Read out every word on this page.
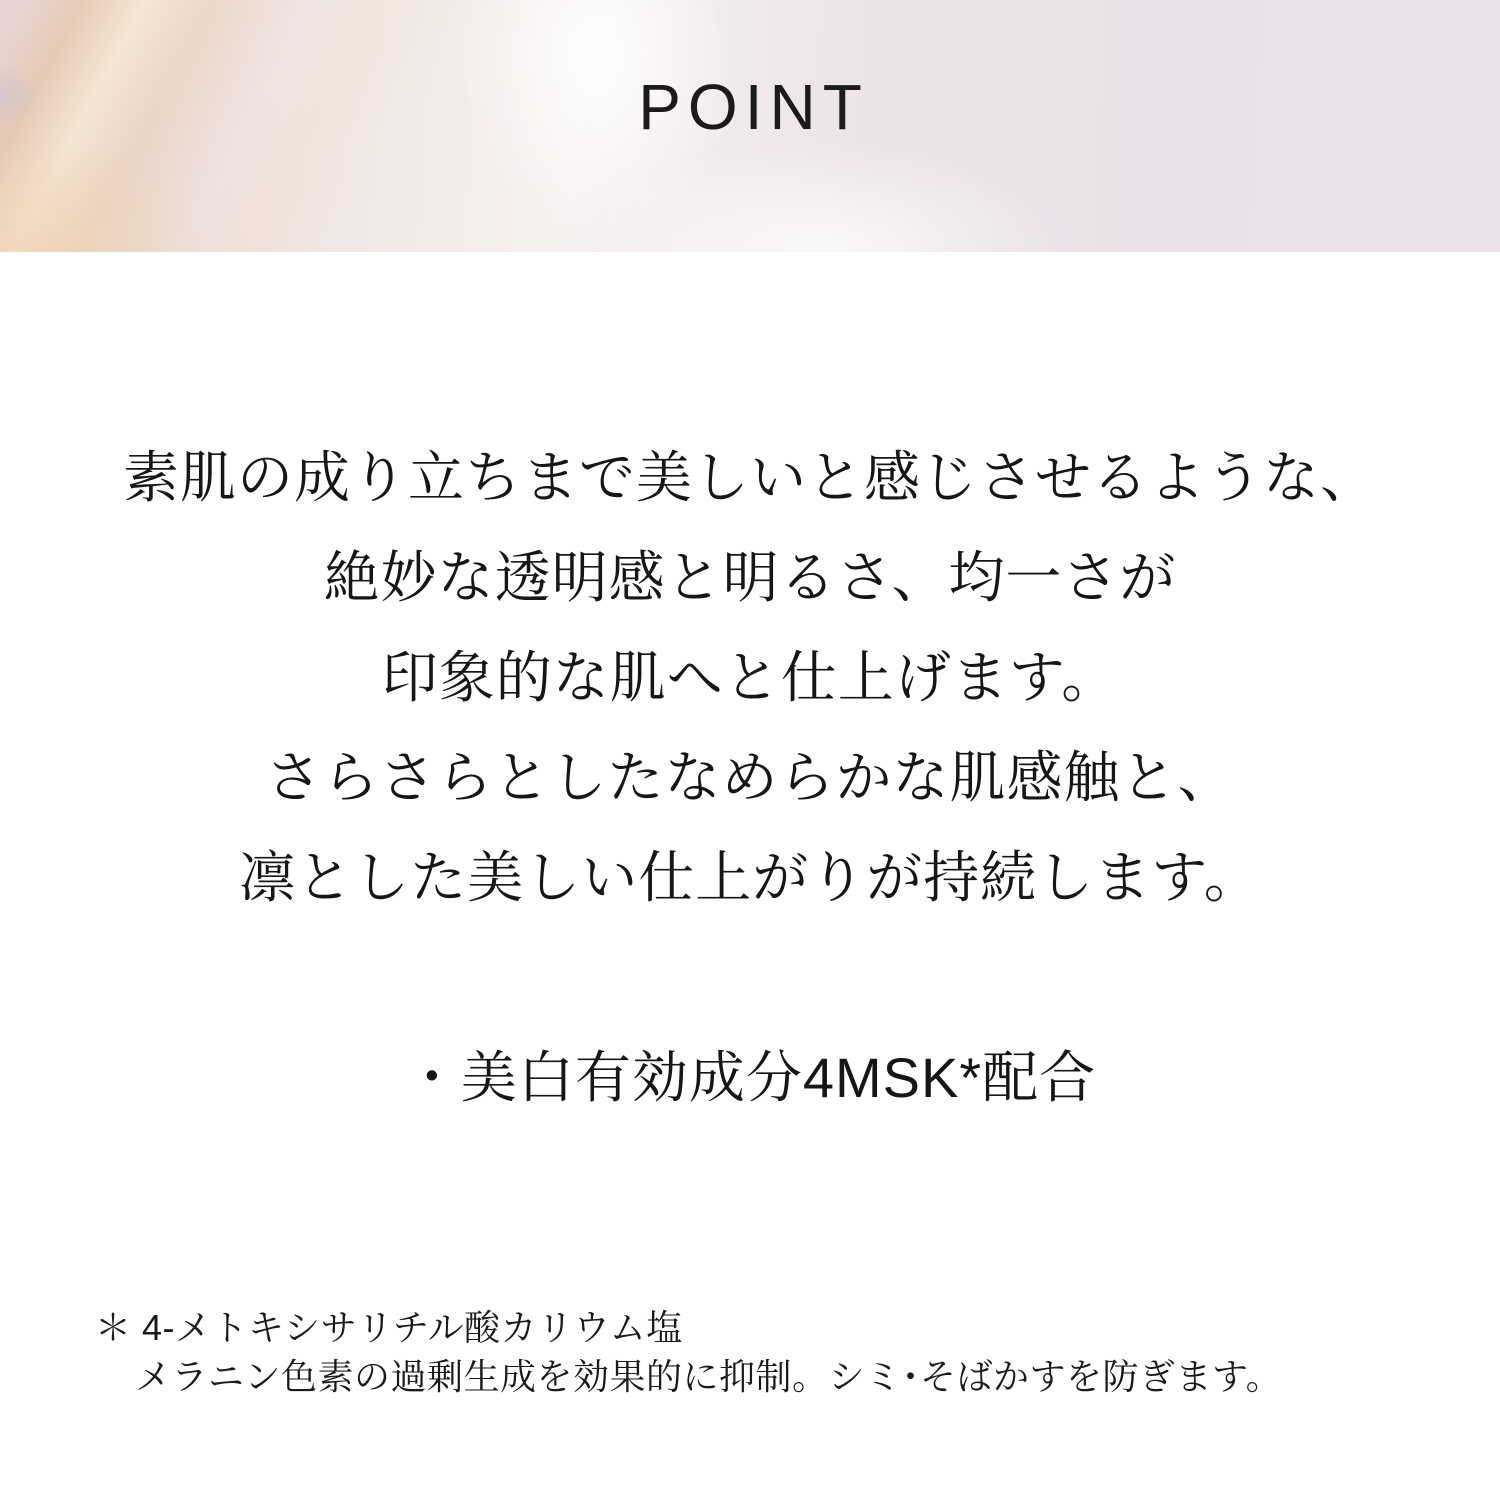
POINT
素肌の成り立ちまで美しいと感じさせるような、
絶妙な透明感と明るさ、均一さが
印象的な肌へと仕上げます。
さらさらとしたなめらかな肌感触と、
凛とした美しい仕上がりが持続します。
・美白有効成分4MSK*配合
＊ 4-メトキシサリチル酸カリウム塩
メラニン色素の過剰生成を効果的に抑制。シミ･そばかすを防ぎます。
